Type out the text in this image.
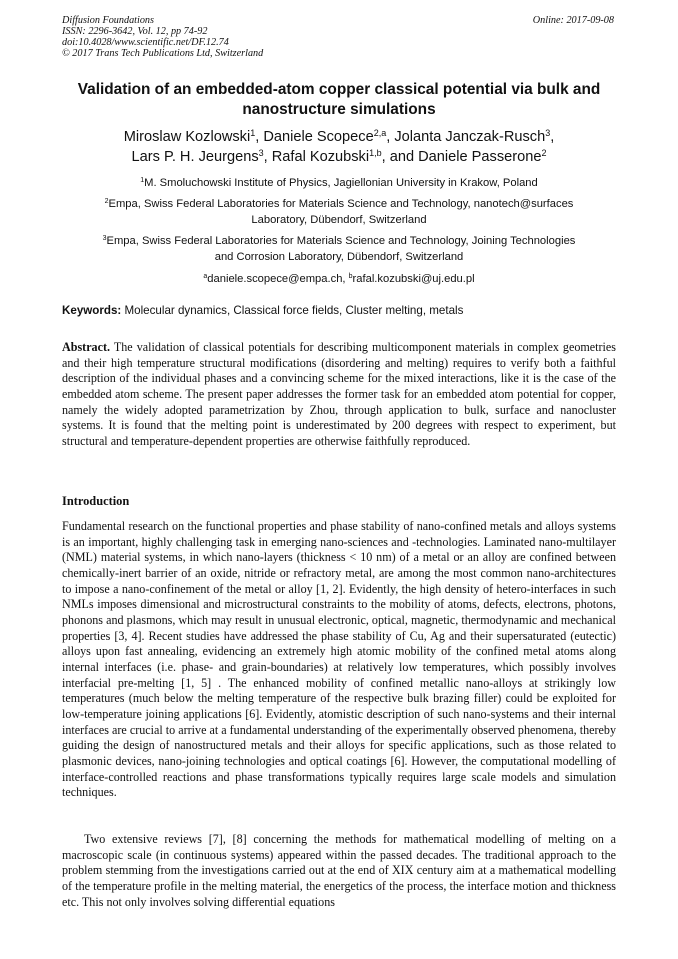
Diffusion Foundations
ISSN: 2296-3642, Vol. 12, pp 74-92
doi:10.4028/www.scientific.net/DF.12.74
© 2017 Trans Tech Publications Ltd, Switzerland
Online: 2017-09-08
Validation of an embedded-atom copper classical potential via bulk and
nanostructure simulations
Miroslaw Kozlowski$^1$, Daniele Scopece$^{2,a}$, Jolanta Janczak-Rusch$^3$,
Lars P. H. Jeurgens$^3$, Rafal Kozubski$^{1,b}$, and Daniele Passerone$^2$
$^1$M. Smoluchowski Institute of Physics, Jagiellonian University in Krakow, Poland
$^2$Empa, Swiss Federal Laboratories for Materials Science and Technology, nanotech@surfaces
Laboratory, Dübendorf, Switzerland
$^3$Empa, Swiss Federal Laboratories for Materials Science and Technology, Joining Technologies
and Corrosion Laboratory, Dübendorf, Switzerland
$^a$daniele.scopece@empa.ch, $^b$rafal.kozubski@uj.edu.pl
Keywords: Molecular dynamics, Classical force fields, Cluster melting, metals
Abstract. The validation of classical potentials for describing multicomponent materials in complex geometries and their high temperature structural modifications (disordering and melting) requires to verify both a faithful description of the individual phases and a convincing scheme for the mixed interactions, like it is the case of the embedded atom scheme. The present paper addresses the former task for an embedded atom potential for copper, namely the widely adopted parametrization by Zhou, through application to bulk, surface and nanocluster systems. It is found that the melting point is underestimated by 200 degrees with respect to experiment, but structural and temperature-dependent properties are otherwise faithfully reproduced.
Introduction
Fundamental research on the functional properties and phase stability of nano-confined metals and alloys systems is an important, highly challenging task in emerging nano-sciences and -technologies. Laminated nano-multilayer (NML) material systems, in which nano-layers (thickness < 10 nm) of a metal or an alloy are confined between chemically-inert barrier of an oxide, nitride or refractory metal, are among the most common nano-architectures to impose a nano-confinement of the metal or alloy [1, 2]. Evidently, the high density of hetero-interfaces in such NMLs imposes dimensional and microstructural constraints to the mobility of atoms, defects, electrons, photons, phonons and plasmons, which may result in unusual electronic, optical, magnetic, thermodynamic and mechanical properties [3, 4]. Recent studies have addressed the phase stability of Cu, Ag and their supersaturated (eutectic) alloys upon fast annealing, evidencing an extremely high atomic mobility of the confined metal atoms along internal interfaces (i.e. phase- and grain-boundaries) at relatively low temperatures, which possibly involves interfacial pre-melting [1, 5] . The enhanced mobility of confined metallic nano-alloys at strikingly low temperatures (much below the melting temperature of the respective bulk brazing filler) could be exploited for low-temperature joining applications [6]. Evidently, atomistic description of such nano-systems and their internal interfaces are crucial to arrive at a fundamental understanding of the experimentally observed phenomena, thereby guiding the design of nanostructured metals and their alloys for specific applications, such as those related to plasmonic devices, nano-joining technologies and optical coatings [6]. However, the computational modelling of interface-controlled reactions and phase transformations typically requires large scale models and simulation techniques.
Two extensive reviews [7], [8] concerning the methods for mathematical modelling of melting on a macroscopic scale (in continuous systems) appeared within the passed decades. The traditional approach to the problem stemming from the investigations carried out at the end of XIX century aim at a mathematical modelling of the temperature profile in the melting material, the energetics of the process, the interface motion and thickness etc. This not only involves solving differential equations
